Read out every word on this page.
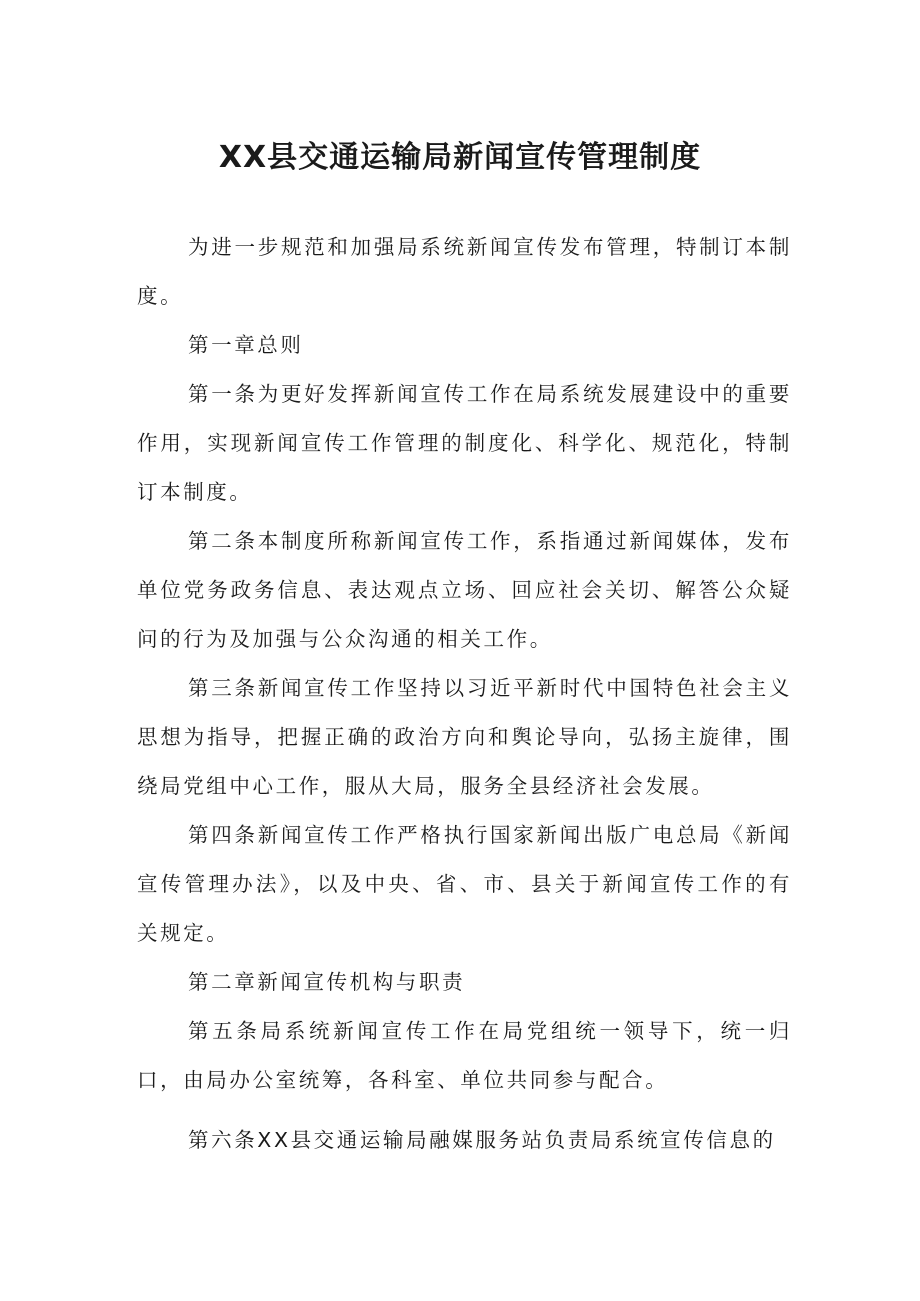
XX县交通运输局新闻宣传管理制度

为进一步规范和加强局系统新闻宣传发布管理，特制订本制度。

第一章总则

第一条为更好发挥新闻宣传工作在局系统发展建设中的重要作用，实现新闻宣传工作管理的制度化、科学化、规范化，特制订本制度。

第二条本制度所称新闻宣传工作，系指通过新闻媒体，发布单位党务政务信息、表达观点立场、回应社会关切、解答公众疑问的行为及加强与公众沟通的相关工作。

第三条新闻宣传工作坚持以习近平新时代中国特色社会主义思想为指导，把握正确的政治方向和舆论导向，弘扬主旋律，围绕局党组中心工作，服从大局，服务全县经济社会发展。

第四条新闻宣传工作严格执行国家新闻出版广电总局《新闻宣传管理办法》，以及中央、省、市、县关于新闻宣传工作的有关规定。

第二章新闻宣传机构与职责

第五条局系统新闻宣传工作在局党组统一领导下，统一归口，由局办公室统筹，各科室、单位共同参与配合。

第六条XX县交通运输局融媒服务站负责局系统宣传信息的
